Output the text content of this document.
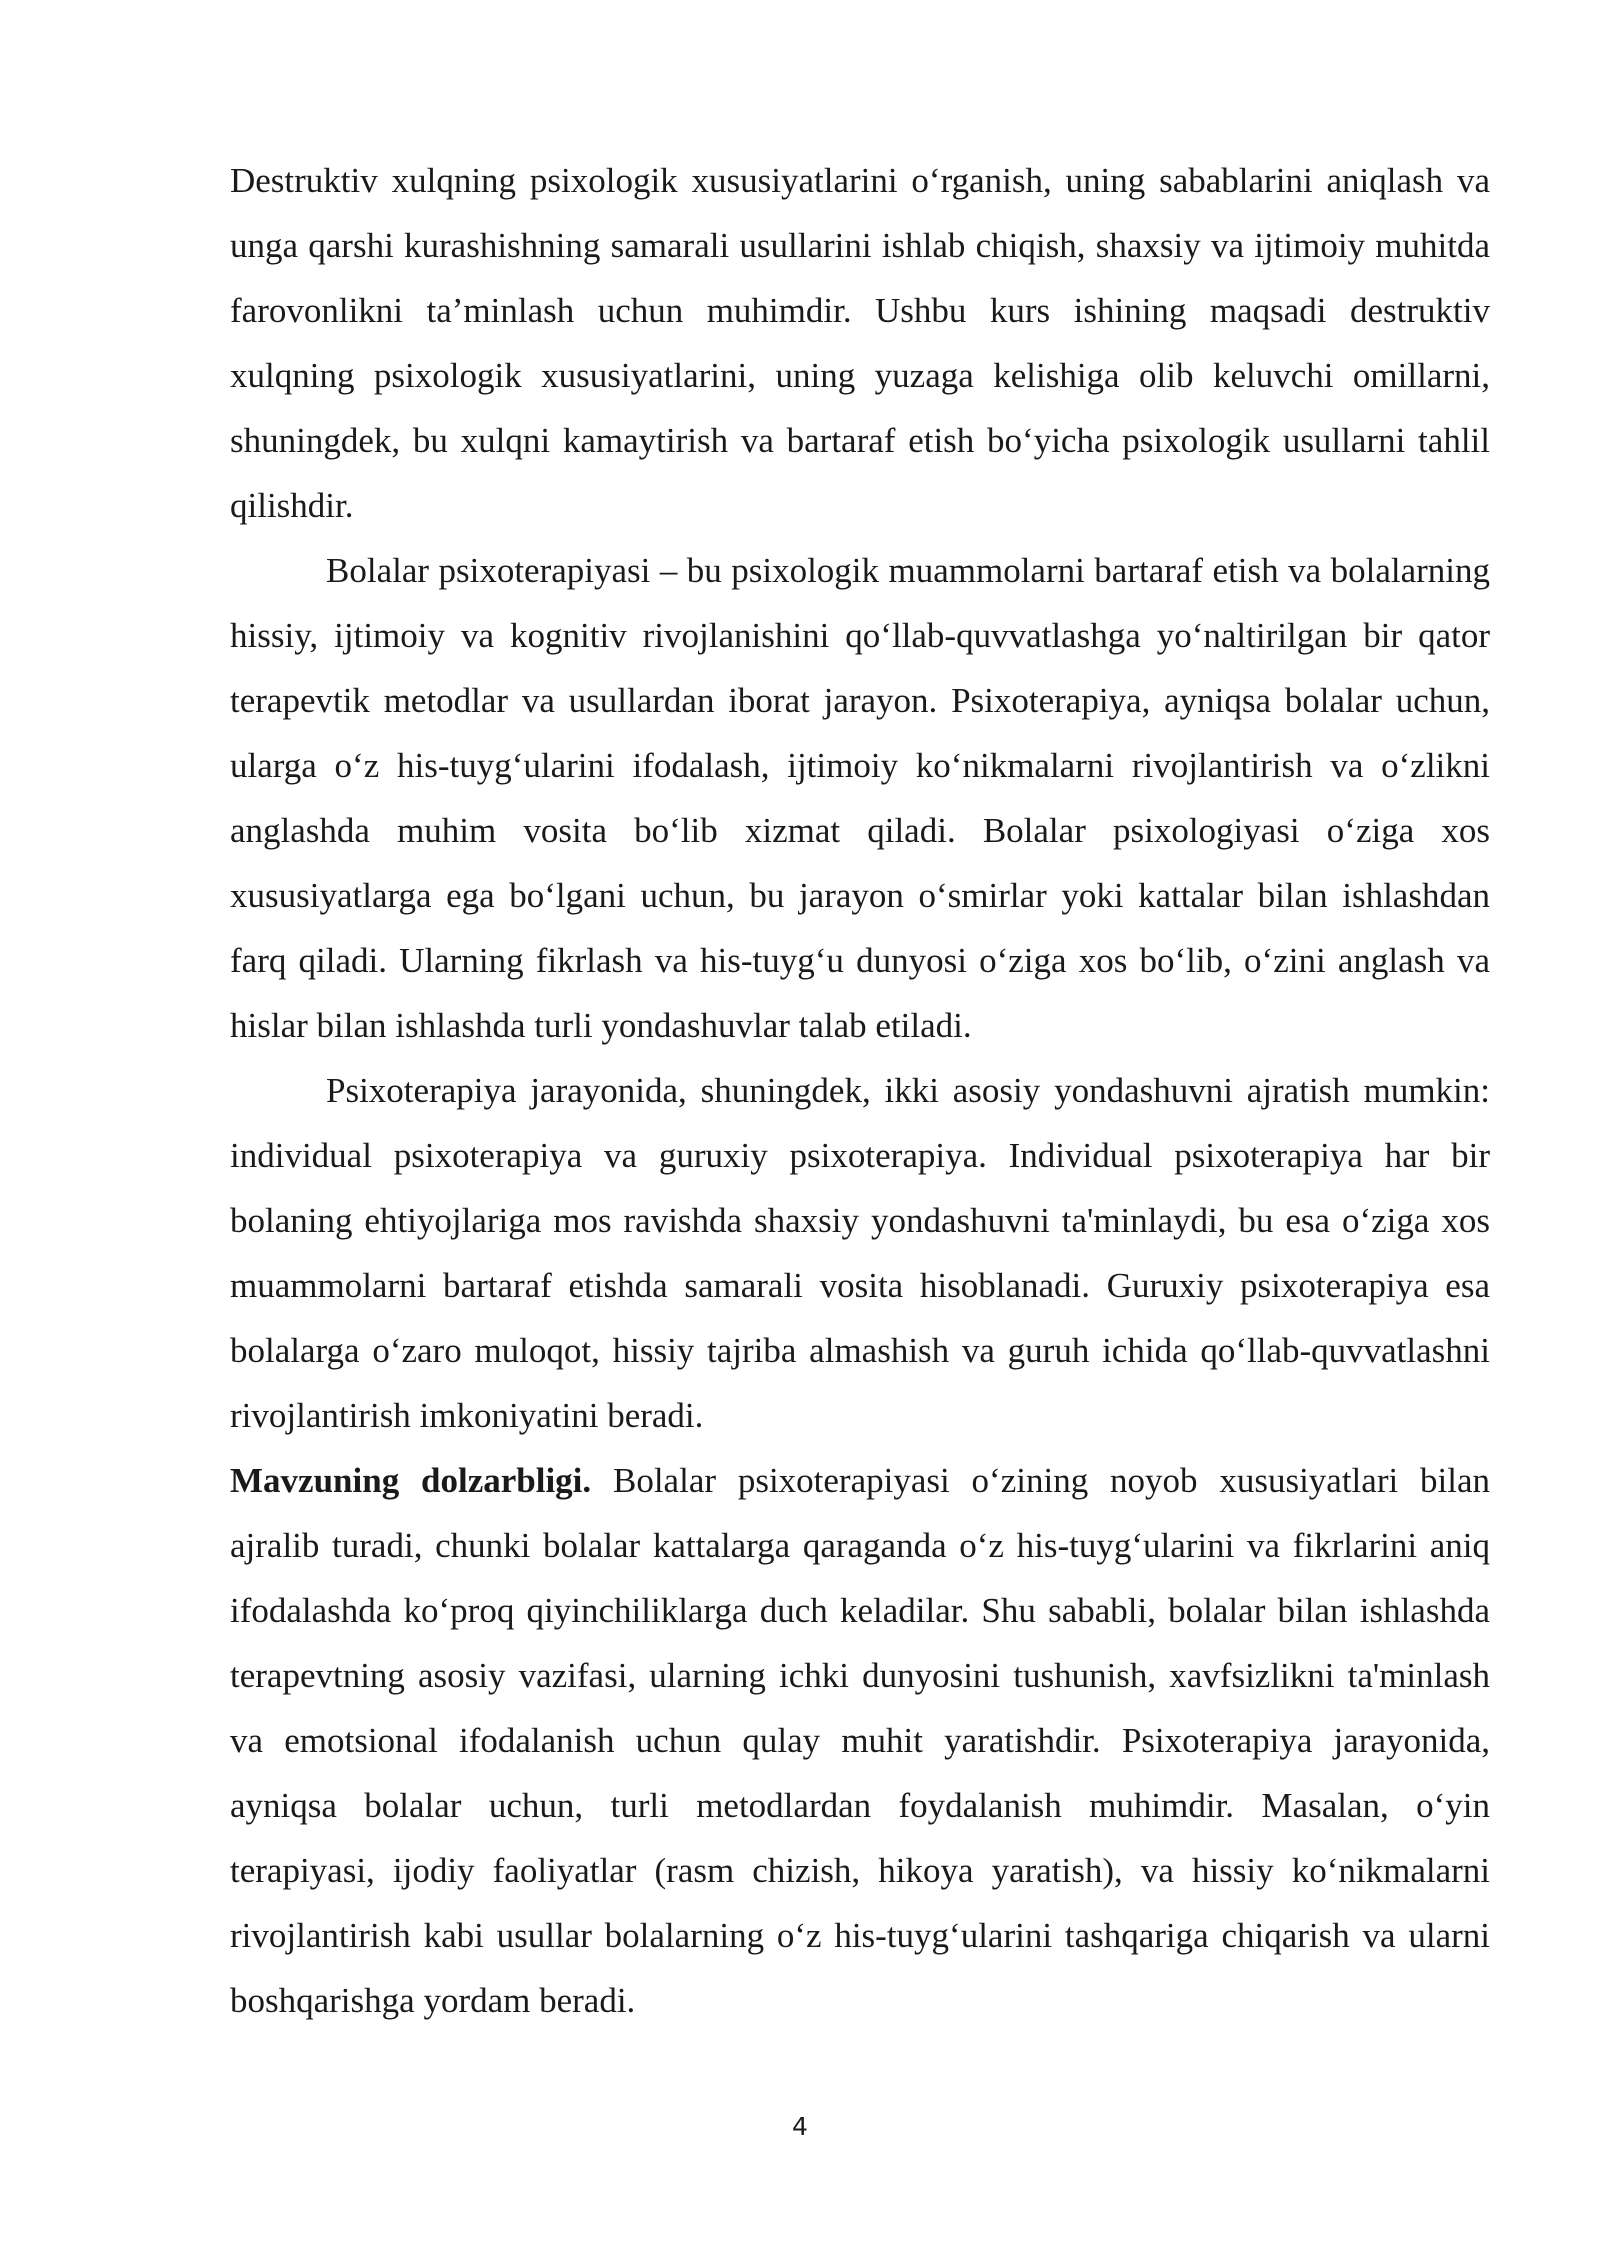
Destruktiv xulqning psixologik xususiyatlarini o‘rganish, uning sabablarini aniqlash va unga qarshi kurashishning samarali usullarini ishlab chiqish, shaxsiy va ijtimoiy muhitda farovonlikni ta’minlash uchun muhimdir. Ushbu kurs ishining maqsadi destruktiv xulqning psixologik xususiyatlarini, uning yuzaga kelishiga olib keluvchi omillarni, shuningdek, bu xulqni kamaytirish va bartaraf etish bo‘yicha psixologik usullarni tahlil qilishdir.

Bolalar psixoterapiyasi – bu psixologik muammolarni bartaraf etish va bolalarning hissiy, ijtimoiy va kognitiv rivojlanishini qo‘llab-quvvatlashga yo‘naltirilgan bir qator terapevtik metodlar va usullardan iborat jarayon. Psixoterapiya, ayniqsa bolalar uchun, ularga o‘z his-tuyg‘ularini ifodalash, ijtimoiy ko‘nikmalarni rivojlantirish va o‘zlikni anglashda muhim vosita bo‘lib xizmat qiladi. Bolalar psixologiyasi o‘ziga xos xususiyatlarga ega bo‘lgani uchun, bu jarayon o‘smirlar yoki kattalar bilan ishlashdan farq qiladi. Ularning fikrlash va his-tuyg‘u dunyosi o‘ziga xos bo‘lib, o‘zini anglash va hislar bilan ishlashda turli yondashuvlar talab etiladi.

Psixoterapiya jarayonida, shuningdek, ikki asosiy yondashuvni ajratish mumkin: individual psixoterapiya va guruxiy psixoterapiya. Individual psixoterapiya har bir bolaning ehtiyojlariga mos ravishda shaxsiy yondashuvni ta'minlaydi, bu esa o‘ziga xos muammolarni bartaraf etishda samarali vosita hisoblanadi. Guruxiy psixoterapiya esa bolalarga o‘zaro muloqot, hissiy tajriba almashish va guruh ichida qo‘llab-quvvatlashni rivojlantirish imkoniyatini beradi.

Mavzuning dolzarbligi. Bolalar psixoterapiyasi o‘zining noyob xususiyatlari bilan ajralib turadi, chunki bolalar kattalarga qaraganda o‘z his-tuyg‘ularini va fikrlarini aniq ifodalashda ko‘proq qiyinchiliklarga duch keladilar. Shu sababli, bolalar bilan ishlashda terapevtning asosiy vazifasi, ularning ichki dunyosini tushunish, xavfsizlikni ta'minlash va emotsional ifodalanish uchun qulay muhit yaratishdir. Psixoterapiya jarayonida, ayniqsa bolalar uchun, turli metodlardan foydalanish muhimdir. Masalan, o‘yin terapiyasi, ijodiy faoliyatlar (rasm chizish, hikoya yaratish), va hissiy ko‘nikmalarni rivojlantirish kabi usullar bolalarning o‘z his-tuyg‘ularini tashqariga chiqarish va ularni boshqarishga yordam beradi.

4
